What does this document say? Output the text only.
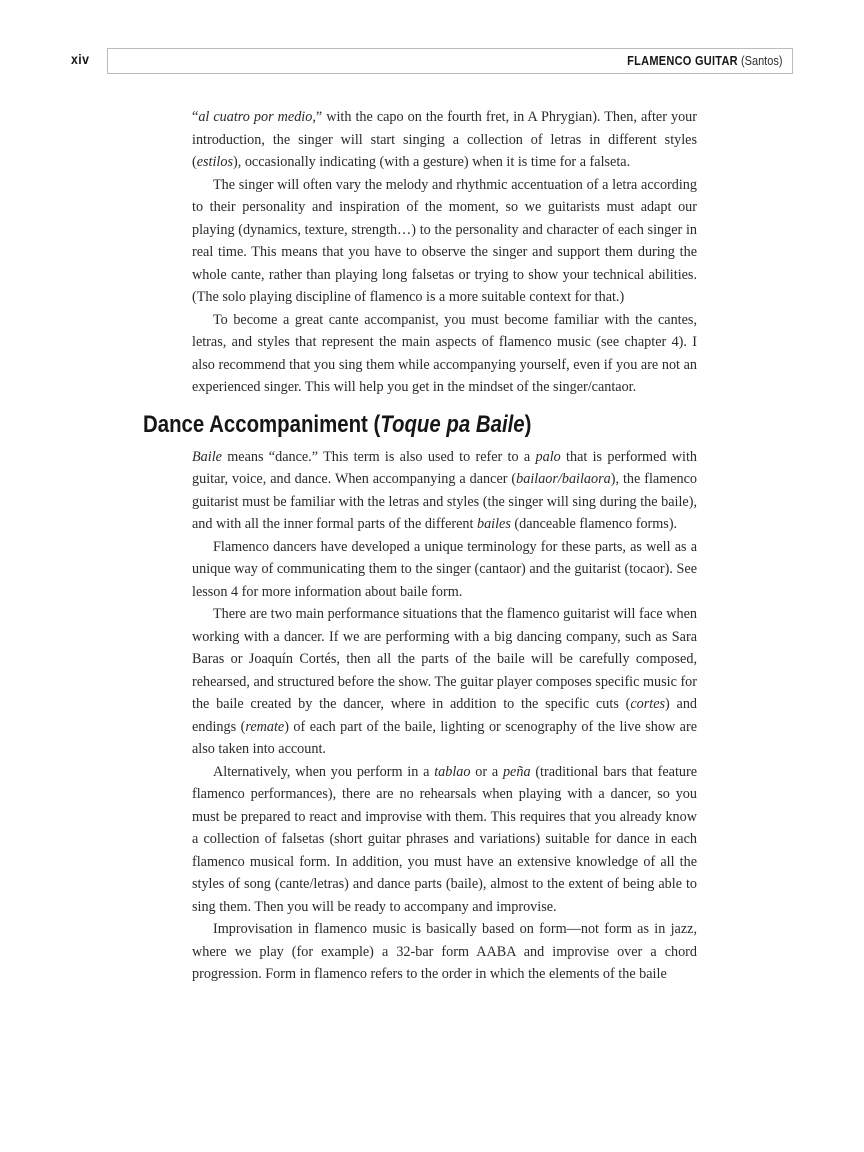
xiv	FLAMENCO GUITAR (Santos)

“al cuatro por medio,” with the capo on the fourth fret, in A Phrygian). Then, after your introduction, the singer will start singing a collection of letras in different styles (estilos), occasionally indicating (with a gesture) when it is time for a falseta.

The singer will often vary the melody and rhythmic accentuation of a letra according to their personality and inspiration of the moment, so we guitarists must adapt our playing (dynamics, texture, strength…) to the personality and character of each singer in real time. This means that you have to observe the singer and support them during the whole cante, rather than playing long falsetas or trying to show your technical abilities. (The solo playing discipline of flamenco is a more suitable context for that.)

To become a great cante accompanist, you must become familiar with the cantes, letras, and styles that represent the main aspects of flamenco music (see chapter 4). I also recommend that you sing them while accompanying yourself, even if you are not an experienced singer. This will help you get in the mindset of the singer/cantaor.

Dance Accompaniment (Toque pa Baile)

Baile means “dance.” This term is also used to refer to a palo that is performed with guitar, voice, and dance. When accompanying a dancer (bailaor/bailaora), the flamenco guitarist must be familiar with the letras and styles (the singer will sing during the baile), and with all the inner formal parts of the different bailes (danceable flamenco forms).

Flamenco dancers have developed a unique terminology for these parts, as well as a unique way of communicating them to the singer (cantaor) and the guitarist (tocaor). See lesson 4 for more information about baile form.

There are two main performance situations that the flamenco guitarist will face when working with a dancer. If we are performing with a big dancing company, such as Sara Baras or Joaquín Cortés, then all the parts of the baile will be carefully composed, rehearsed, and structured before the show. The guitar player composes specific music for the baile created by the dancer, where in addition to the specific cuts (cortes) and endings (remate) of each part of the baile, lighting or scenography of the live show are also taken into account.

Alternatively, when you perform in a tablao or a peña (traditional bars that feature flamenco performances), there are no rehearsals when playing with a dancer, so you must be prepared to react and improvise with them. This requires that you already know a collection of falsetas (short guitar phrases and variations) suitable for dance in each flamenco musical form. In addition, you must have an extensive knowledge of all the styles of song (cante/letras) and dance parts (baile), almost to the extent of being able to sing them. Then you will be ready to accompany and improvise.

Improvisation in flamenco music is basically based on form—not form as in jazz, where we play (for example) a 32-bar form AABA and improvise over a chord progression. Form in flamenco refers to the order in which the elements of the baile
